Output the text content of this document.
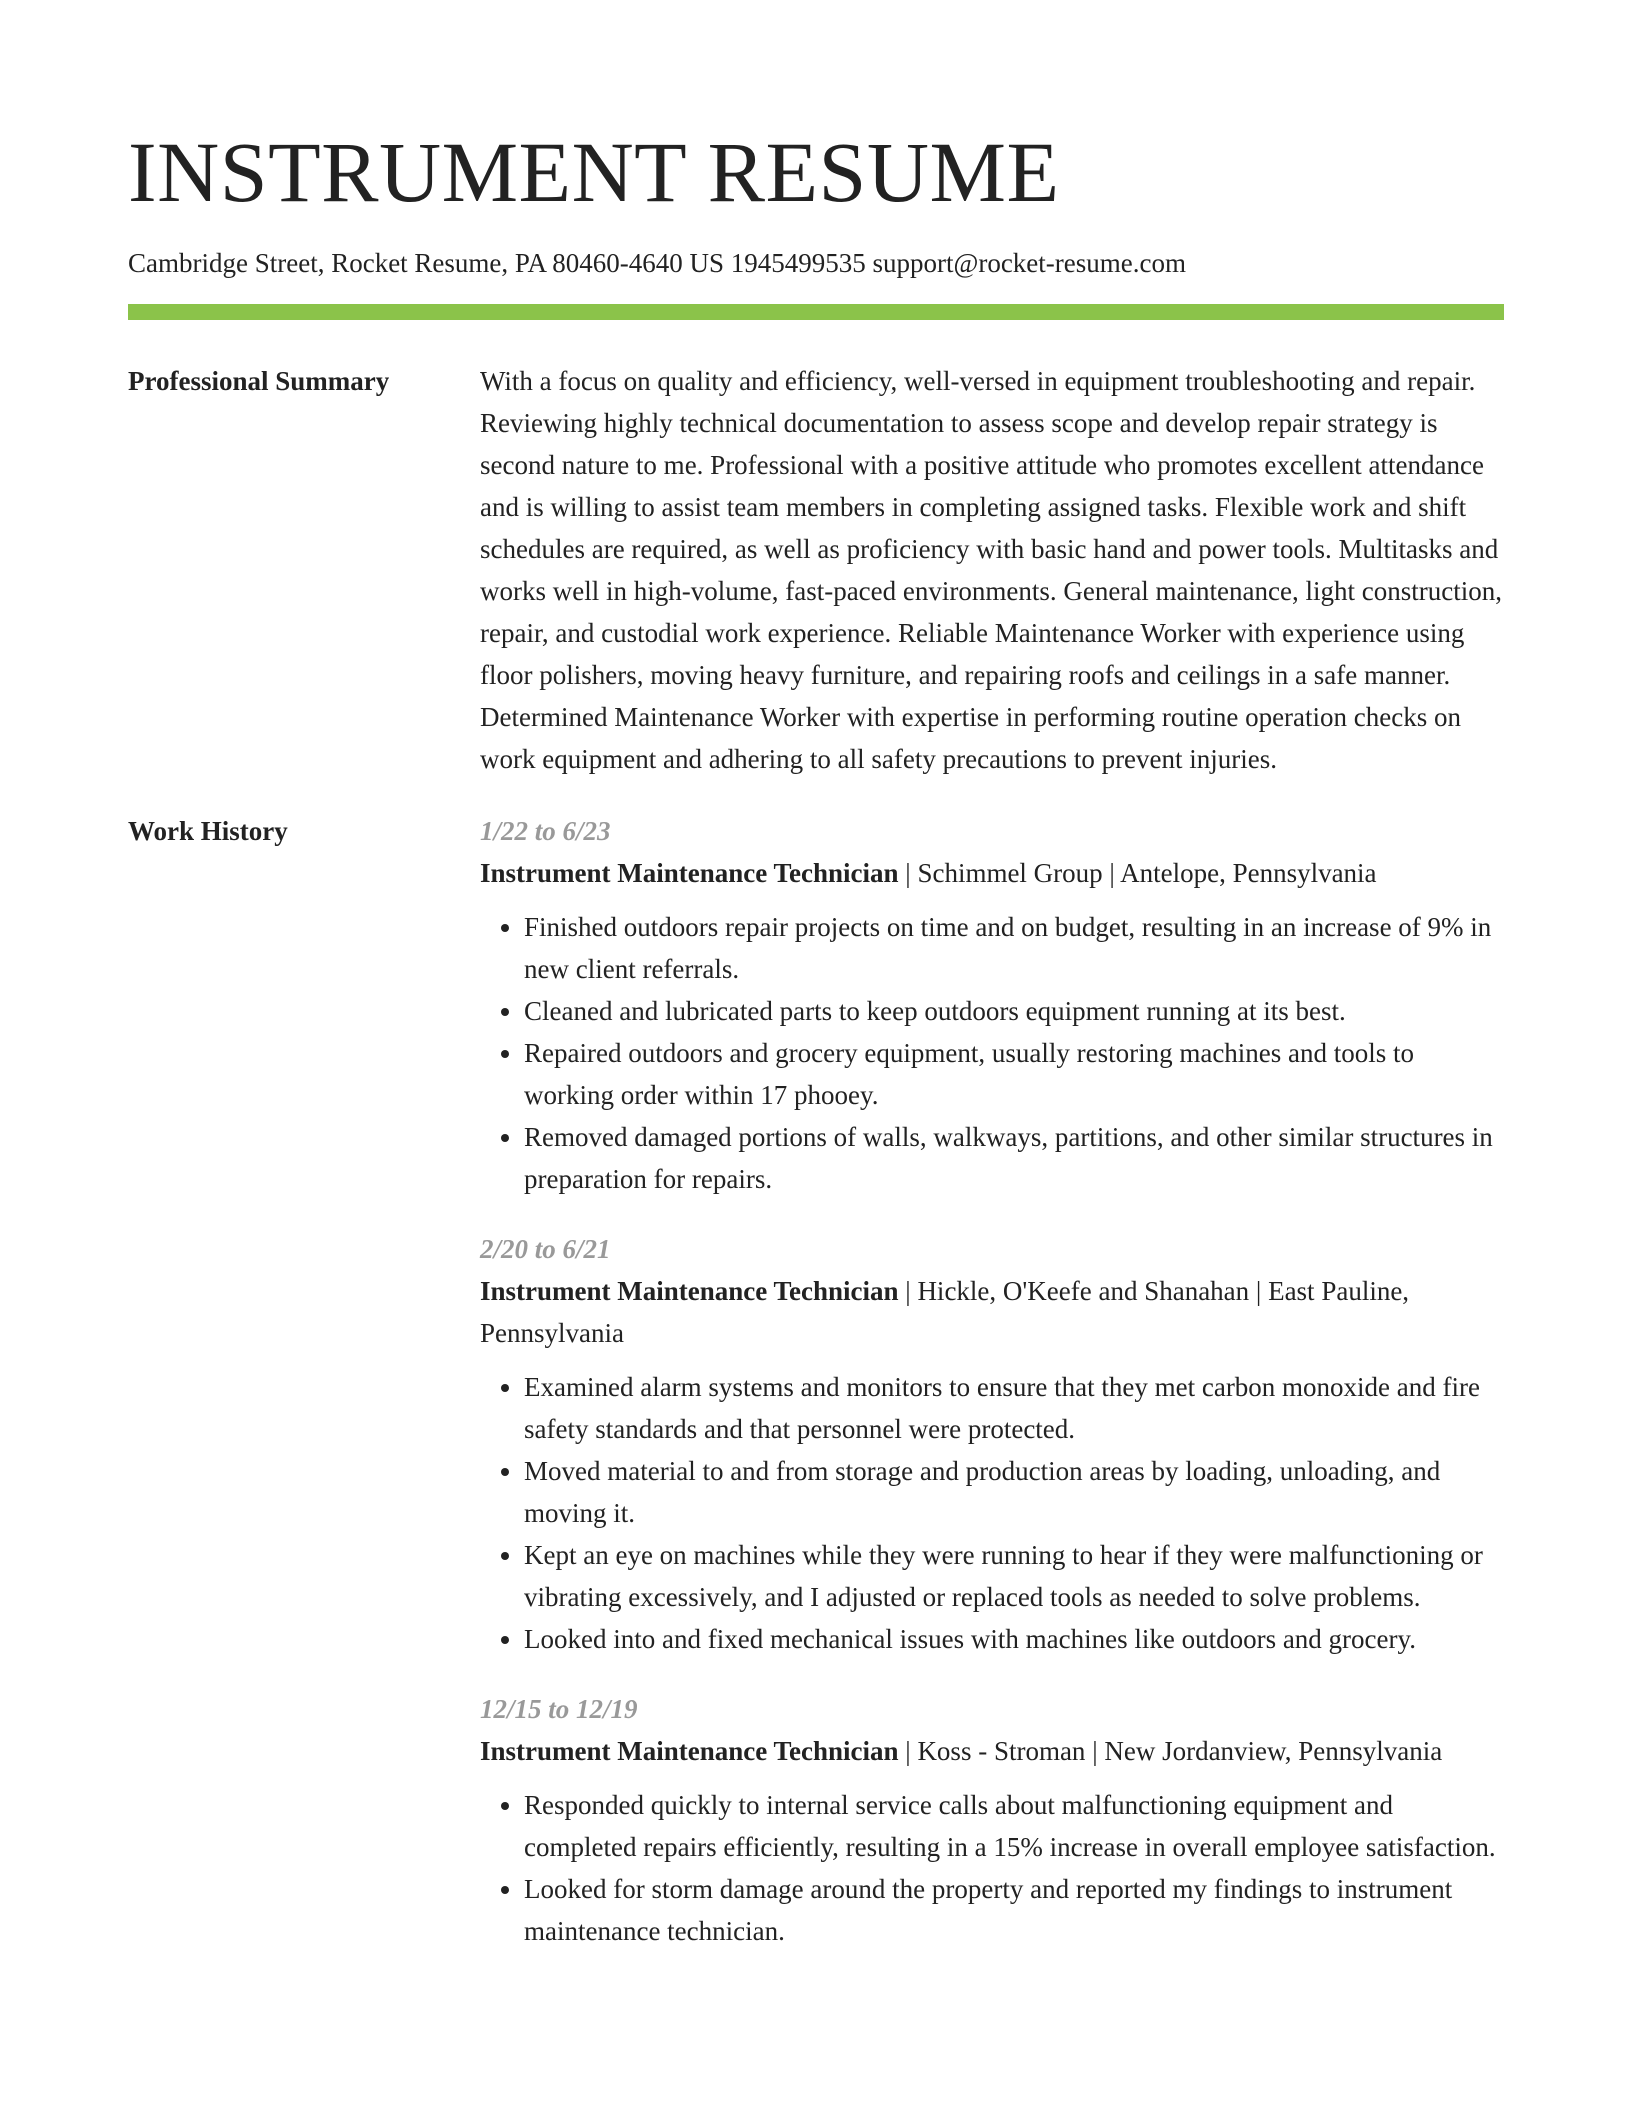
INSTRUMENT RESUME
Cambridge Street, Rocket Resume, PA 80460-4640 US 1945499535 support@rocket-resume.com
Professional Summary	With a focus on quality and efficiency, well-versed in equipment troubleshooting and repair. Reviewing highly technical documentation to assess scope and develop repair strategy is second nature to me. Professional with a positive attitude who promotes excellent attendance and is willing to assist team members in completing assigned tasks. Flexible work and shift schedules are required, as well as proficiency with basic hand and power tools. Multitasks and works well in high-volume, fast-paced environments. General maintenance, light construction, repair, and custodial work experience. Reliable Maintenance Worker with experience using floor polishers, moving heavy furniture, and repairing roofs and ceilings in a safe manner. Determined Maintenance Worker with expertise in performing routine operation checks on work equipment and adhering to all safety precautions to prevent injuries.

Work History	1/22 to 6/23
Instrument Maintenance Technician | Schimmel Group | Antelope, Pennsylvania
• Finished outdoors repair projects on time and on budget, resulting in an increase of 9% in new client referrals.
• Cleaned and lubricated parts to keep outdoors equipment running at its best.
• Repaired outdoors and grocery equipment, usually restoring machines and tools to working order within 17 phooey.
• Removed damaged portions of walls, walkways, partitions, and other similar structures in preparation for repairs.
2/20 to 6/21
Instrument Maintenance Technician | Hickle, O'Keefe and Shanahan | East Pauline, Pennsylvania
• Examined alarm systems and monitors to ensure that they met carbon monoxide and fire safety standards and that personnel were protected.
• Moved material to and from storage and production areas by loading, unloading, and moving it.
• Kept an eye on machines while they were running to hear if they were malfunctioning or vibrating excessively, and I adjusted or replaced tools as needed to solve problems.
• Looked into and fixed mechanical issues with machines like outdoors and grocery.
12/15 to 12/19
Instrument Maintenance Technician | Koss - Stroman | New Jordanview, Pennsylvania
• Responded quickly to internal service calls about malfunctioning equipment and completed repairs efficiently, resulting in a 15% increase in overall employee satisfaction.
• Looked for storm damage around the property and reported my findings to instrument maintenance technician.
